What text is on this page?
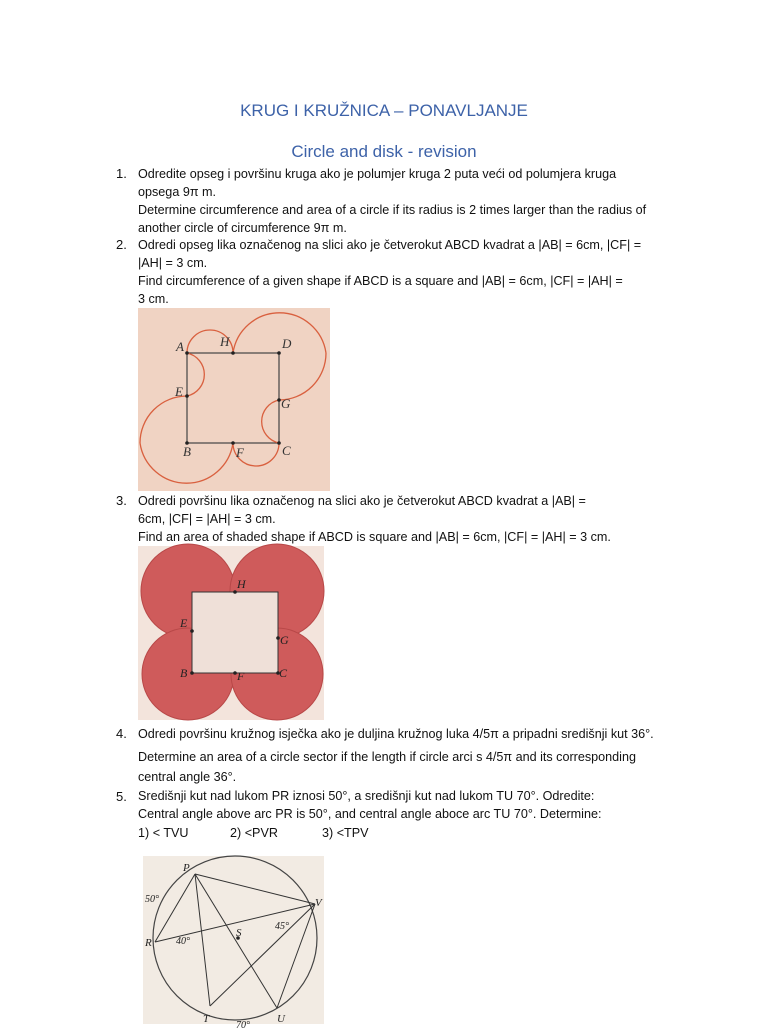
KRUG I KRUŽNICA – PONAVLJANJE
Circle and disk - revision
1. Odredite opseg i površinu kruga ako je polumjer kruga 2 puta veći od polumjera kruga
opsega 9π m.
Determine circumference and area of a circle if its radius is 2 times larger than the radius of
another circle of circumference 9π m.
2. Odredi opseg lika označenog na slici ako je četverokut ABCD kvadrat a |AB| = 6cm, |CF| =
|AH| = 3 cm.
Find circumference of a given shape if ABCD is a square and |AB| = 6cm, |CF| = |AH| =
3 cm.
A	H	D
E
G
B	F	C
3. Odredi površinu lika označenog na slici ako je četverokut ABCD kvadrat a |AB| =
6cm, |CF| = |AH| = 3 cm.
Find an area of shaded shape if ABCD is square and |AB| = 6cm, |CF| = |AH| = 3 cm.
H
E
G
B	F	C
4. Odredi površinu kružnog isječka ako je duljina kružnog luka 4/5π a pripadni središnji kut 36°.
Determine an area of a circle sector if the length if circle arci s 4/5π and its corresponding
central angle 36°.
5. Središnji kut nad lukom PR iznosi 50°, a središnji kut nad lukom TU 70°. Odredite:
Central angle above arc PR is 50°, and central angle aboce arc TU 70°. Determine:
1) < TVU	2) <PVR	3) <TPV
P
V
R
S
T	U
50°
40°
45°
70°
